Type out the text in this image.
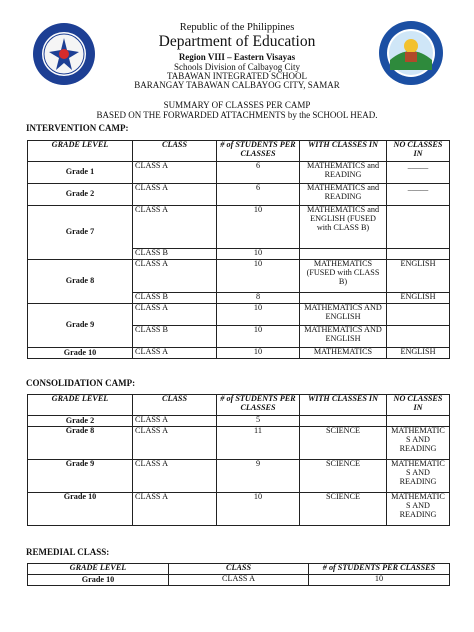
Republic of the Philippines
Department of Education
Region VIII – Eastern Visayas
Schools Division of Calbayog City
TABAWAN INTEGRATED SCHOOL
BARANGAY TABAWAN CALBAYOG CITY, SAMAR
SUMMARY OF CLASSES PER CAMP
BASED ON THE FORWARDED ATTACHMENTS by the SCHOOL HEAD.
INTERVENTION CAMP:
GRADE LEVEL	CLASS	# of STUDENTS PER CLASSES	WITH CLASSES IN	NO CLASSES IN
Grade 1	CLASS A	6	MATHEMATICS and READING	_____
Grade 2	CLASS A	6	MATHEMATICS and READING	_____
Grade 7	CLASS A	10	MATHEMATICS and ENGLISH (FUSED with CLASS B)	
	CLASS B	10		
Grade 8	CLASS A	10	MATHEMATICS (FUSED with CLASS B)	ENGLISH
	CLASS B	8		ENGLISH
Grade 9	CLASS A	10	MATHEMATICS AND ENGLISH	
	CLASS B	10	MATHEMATICS AND ENGLISH	
Grade 10	CLASS A	10	MATHEMATICS	ENGLISH
CONSOLIDATION CAMP:
GRADE LEVEL	CLASS	# of STUDENTS PER CLASSES	WITH CLASSES IN	NO CLASSES IN
Grade 2	CLASS A	5		
Grade 8	CLASS A	11	SCIENCE	MATHEMATIC S AND READING
Grade 9	CLASS A	9	SCIENCE	MATHEMATIC S AND READING
Grade 10	CLASS A	10	SCIENCE	MATHEMATIC S AND READING
REMEDIAL CLASS:
GRADE LEVEL	CLASS	# of STUDENTS PER CLASSES
Grade 10	CLASS A	10
